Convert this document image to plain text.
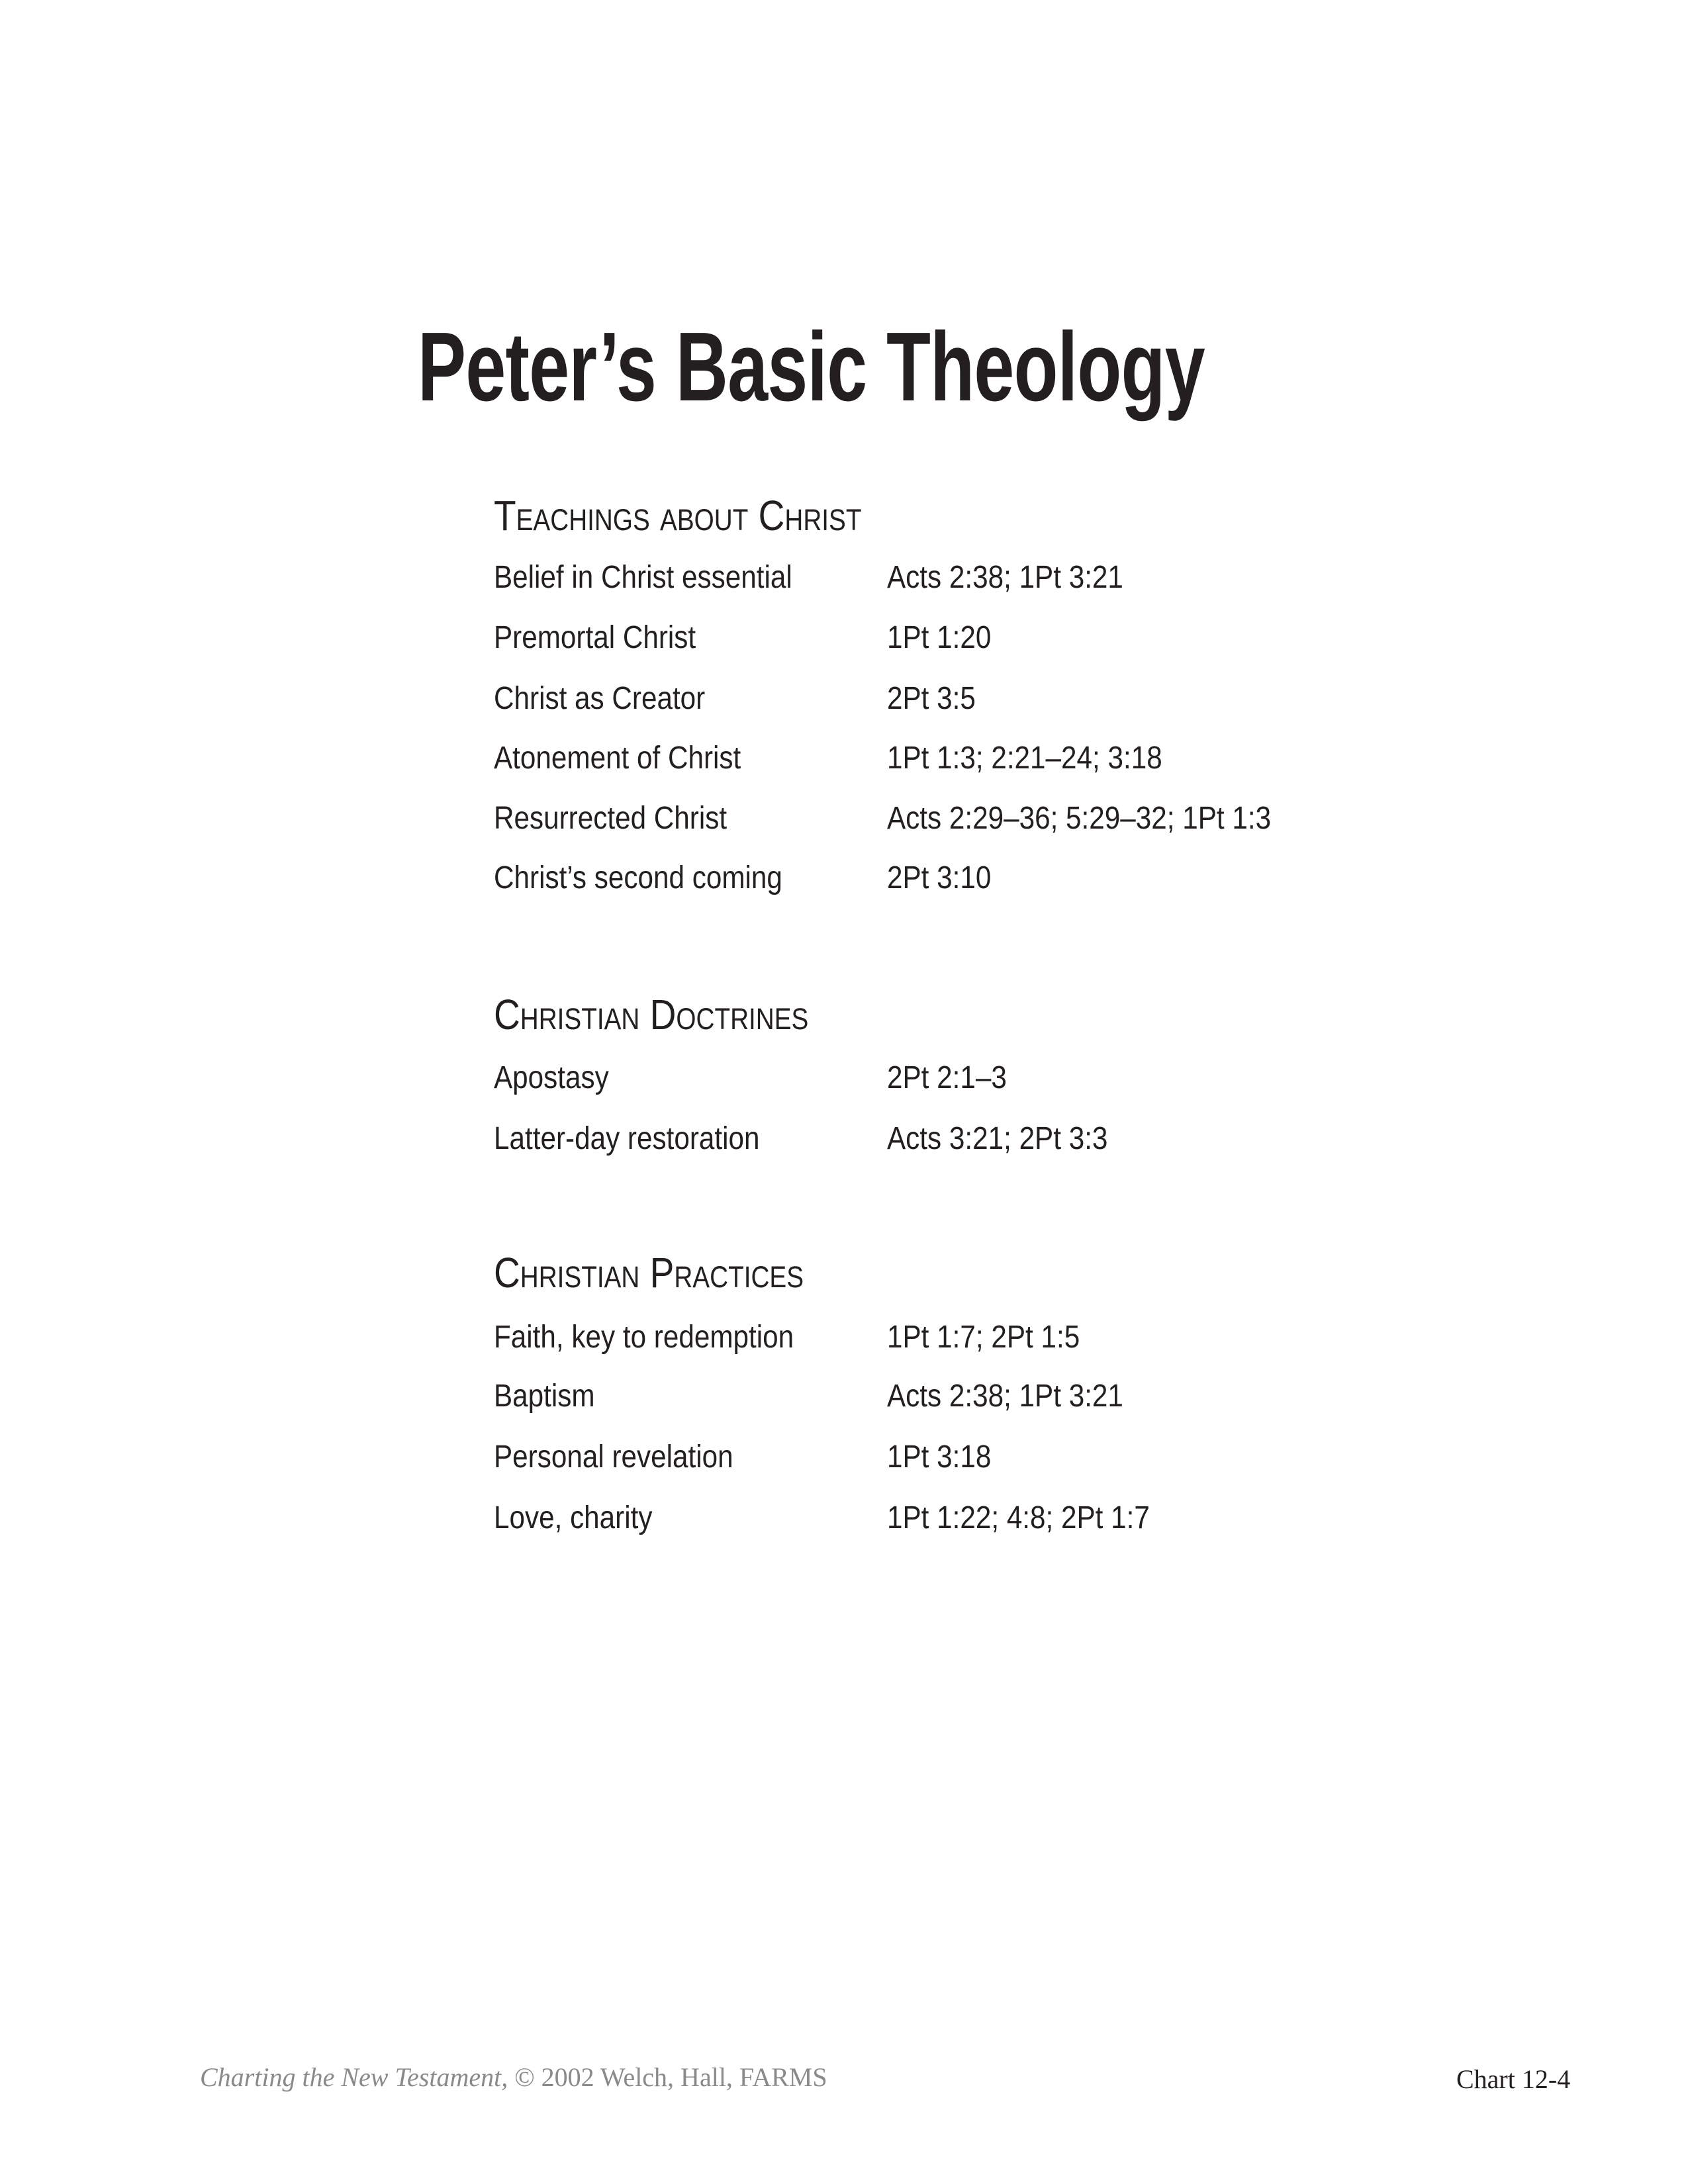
Peter’s Basic Theology
Teachings about Christ
Belief in Christ essential	Acts 2:38; 1Pt 3:21
Premortal Christ	1Pt 1:20
Christ as Creator	2Pt 3:5
Atonement of Christ	1Pt 1:3; 2:21–24; 3:18
Resurrected Christ	Acts 2:29–36; 5:29–32; 1Pt 1:3
Christ’s second coming	2Pt 3:10
Christian Doctrines
Apostasy	2Pt 2:1–3
Latter-day restoration	Acts 3:21; 2Pt 3:3
Christian Practices
Faith, key to redemption	1Pt 1:7; 2Pt 1:5
Baptism	Acts 2:38; 1Pt 3:21
Personal revelation	1Pt 3:18
Love, charity	1Pt 1:22; 4:8; 2Pt 1:7
Charting the New Testament, © 2002 Welch, Hall, FARMS	Chart 12-4
